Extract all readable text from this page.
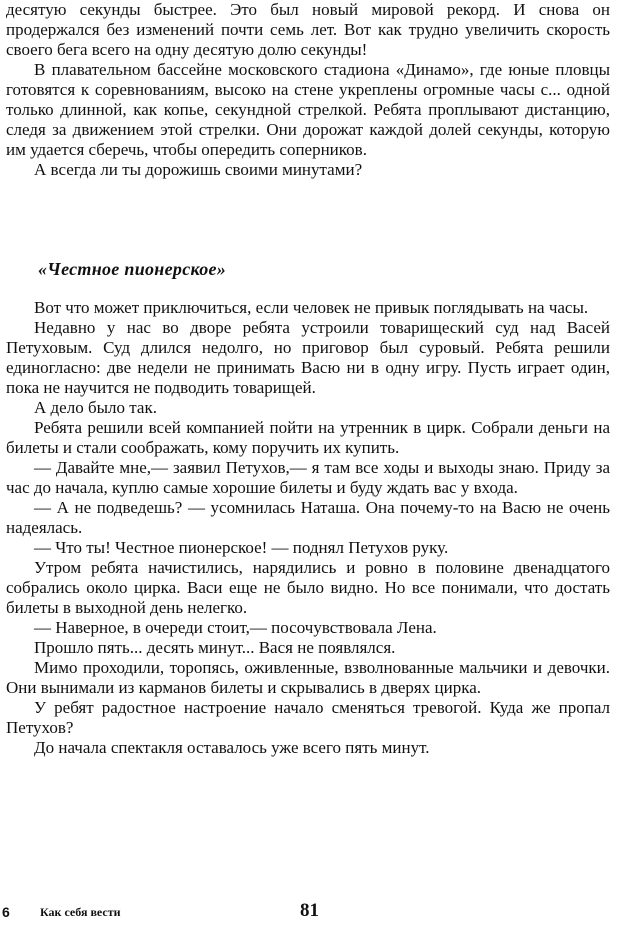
десятую секунды быстрее. Это был новый мировой рекорд. И снова он продержался без изменений почти семь лет. Вот как трудно увеличить скорость своего бега всего на одну десятую долю секунды!

В плавательном бассейне московского стадиона «Динамо», где юные пловцы готовятся к соревнованиям, высоко на стене укреплены огромные часы с... одной только длинной, как копье, секундной стрелкой. Ребята проплывают дистанцию, следя за движением этой стрелки. Они дорожат каждой долей секунды, которую им удается сберечь, чтобы опередить соперников.

А всегда ли ты дорожишь своими минутами?

«Честное пионерское»

Вот что может приключиться, если человек не привык поглядывать на часы.

Недавно у нас во дворе ребята устроили товарищеский суд над Васей Петуховым. Суд длился недолго, но приговор был суровый. Ребята решили единогласно: две недели не принимать Васю ни в одну игру. Пусть играет один, пока не научится не подводить товарищей.

А дело было так.

Ребята решили всей компанией пойти на утренник в цирк. Собрали деньги на билеты и стали соображать, кому поручить их купить.

— Давайте мне,— заявил Петухов,— я там все ходы и выходы знаю. Приду за час до начала, куплю самые хорошие билеты и буду ждать вас у входа.

— А не подведешь? — усомнилась Наташа. Она почему-то на Васю не очень надеялась.

— Что ты! Честное пионерское! — поднял Петухов руку.

Утром ребята начистились, нарядились и ровно в половине двенадцатого собрались около цирка. Васи еще не было видно. Но все понимали, что достать билеты в выходной день нелегко.

— Наверное, в очереди стоит,— посочувствовала Лена.

Прошло пять... десять минут... Вася не появлялся.

Мимо проходили, торопясь, оживленные, взволнованные мальчики и девочки. Они вынимали из карманов билеты и скрывались в дверях цирка.

У ребят радостное настроение начало сменяться тревогой. Куда же пропал Петухов?

До начала спектакля оставалось уже всего пять минут.

6	Как себя вести	81
